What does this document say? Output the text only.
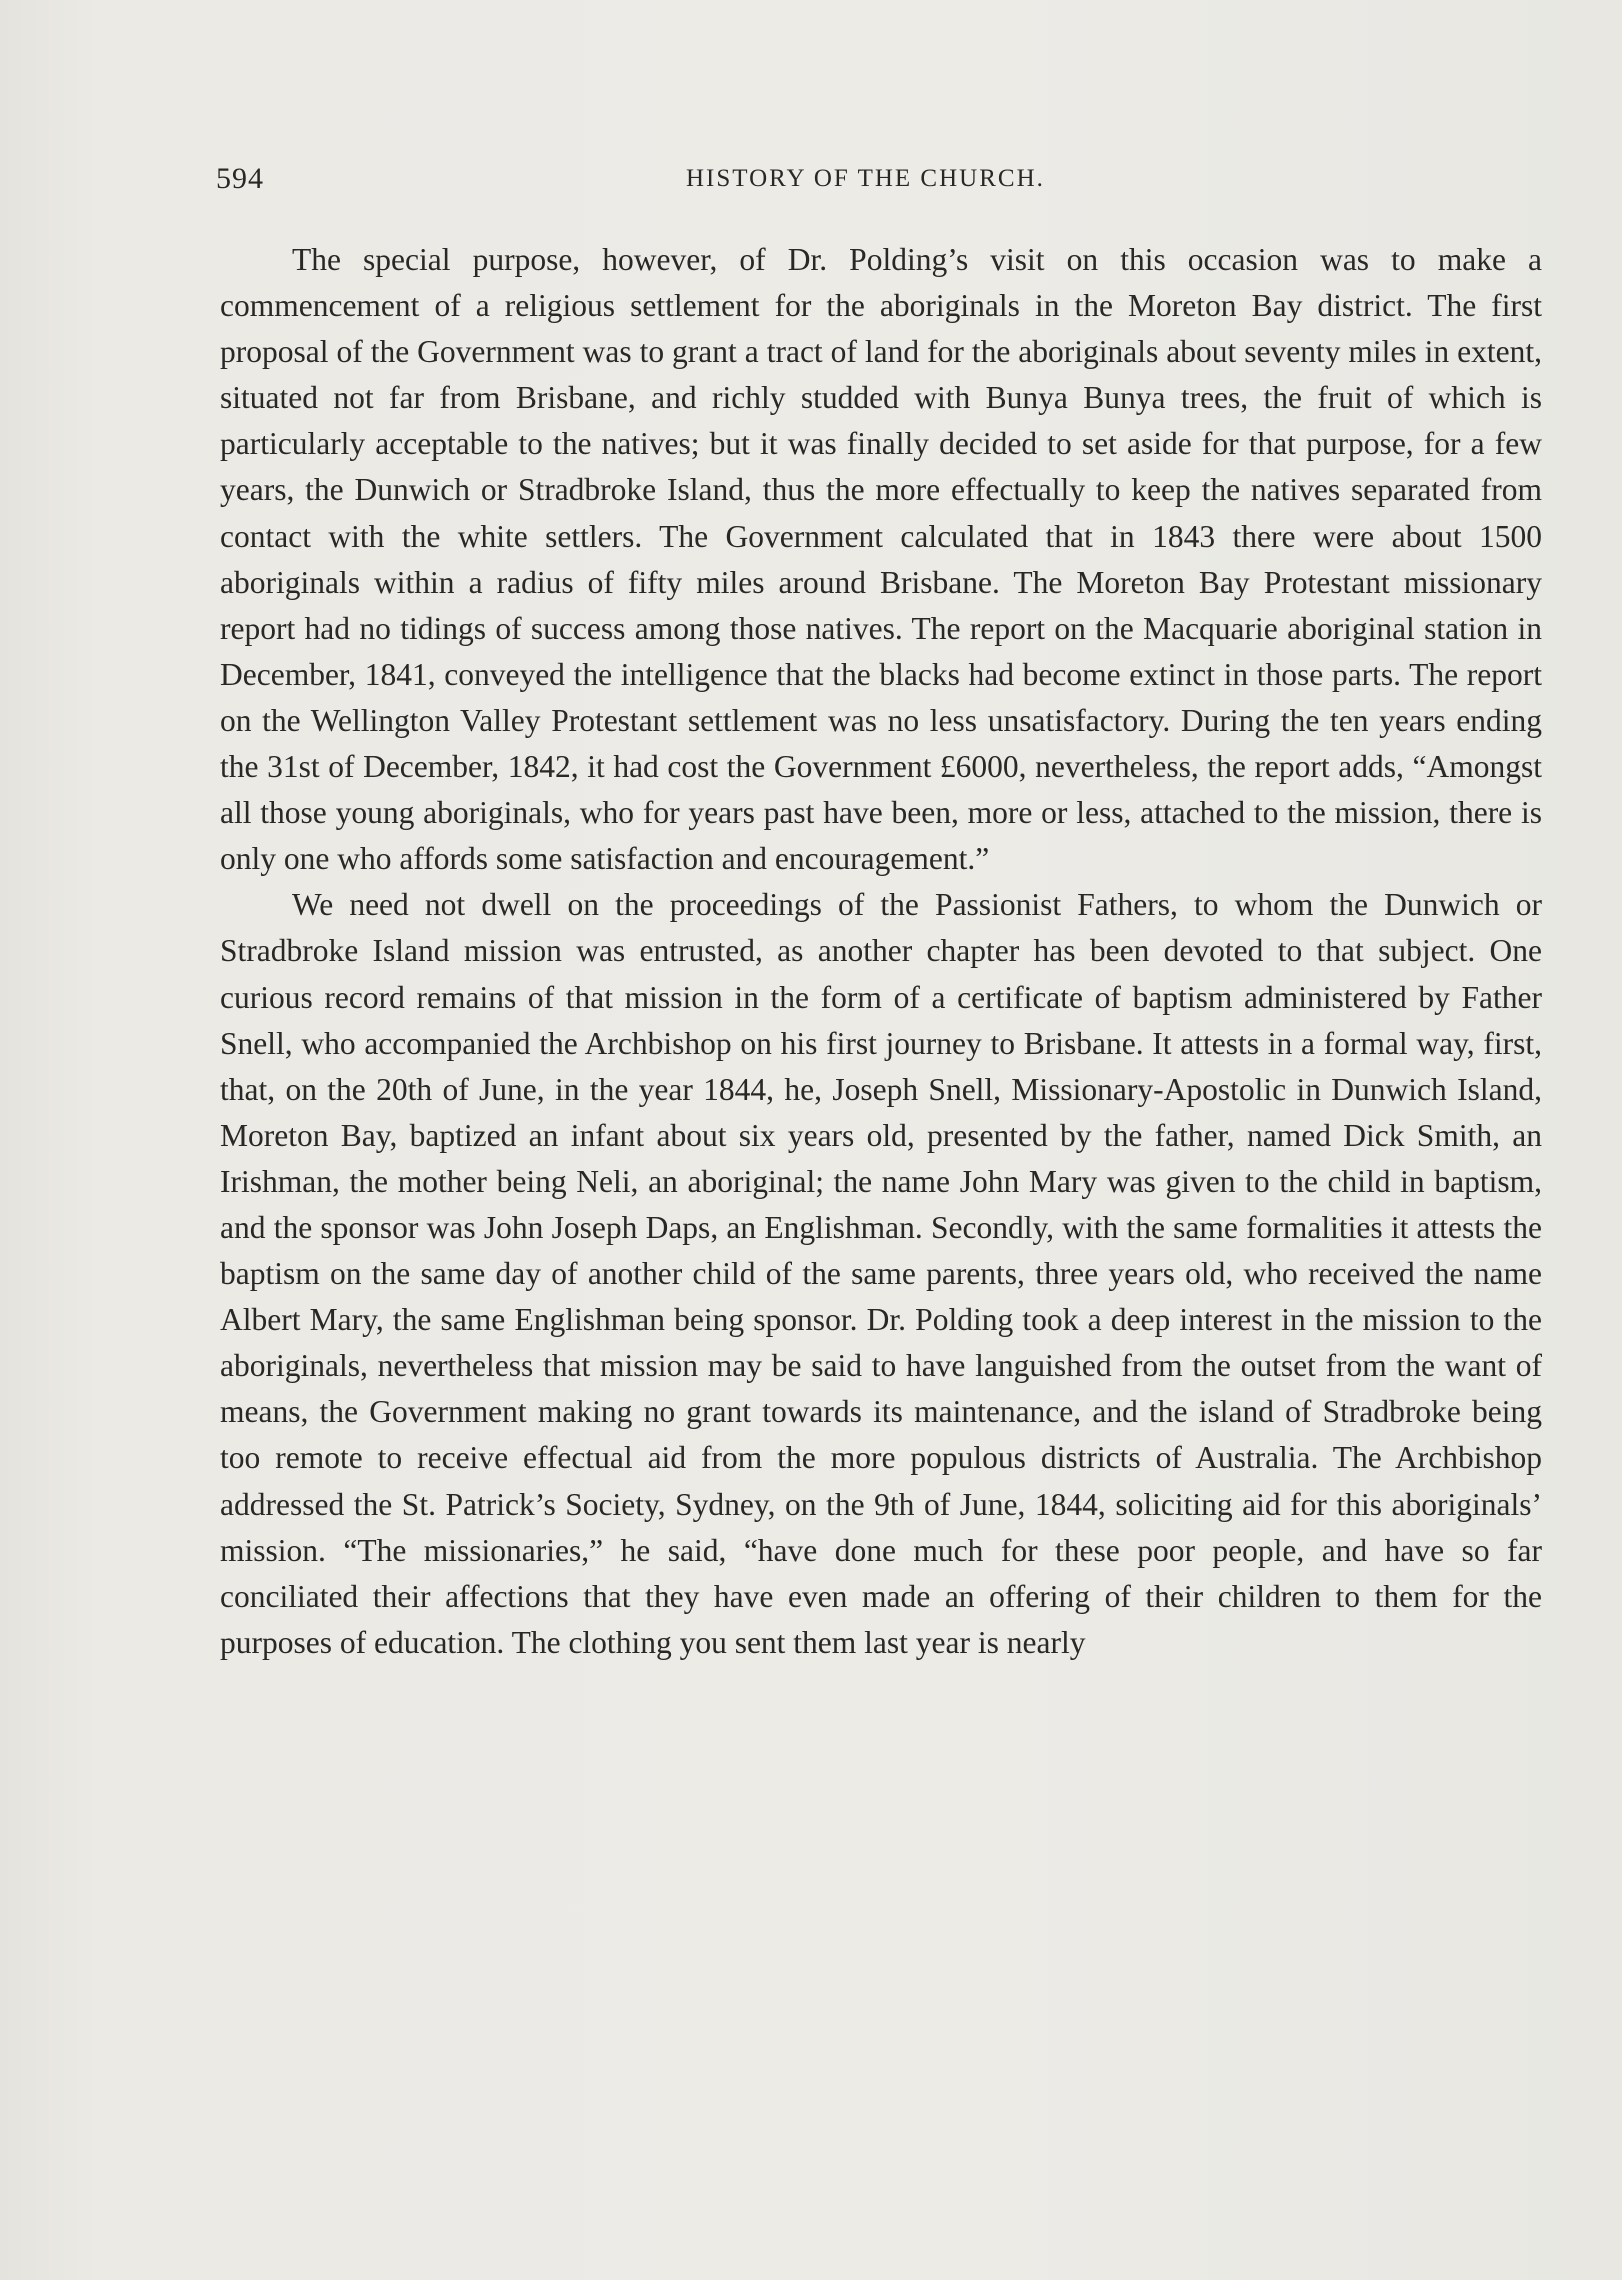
594	HISTORY OF THE CHURCH.

The special purpose, however, of Dr. Polding’s visit on this occasion was to make a commencement of a religious settlement for the aboriginals in the Moreton Bay district. The first proposal of the Government was to grant a tract of land for the aboriginals about seventy miles in extent, situated not far from Brisbane, and richly studded with Bunya Bunya trees, the fruit of which is particularly acceptable to the natives; but it was finally decided to set aside for that purpose, for a few years, the Dunwich or Stradbroke Island, thus the more effectually to keep the natives separated from contact with the white settlers. The Government calculated that in 1843 there were about 1500 aboriginals within a radius of fifty miles around Brisbane. The Moreton Bay Protestant missionary report had no tidings of success among those natives. The report on the Macquarie aboriginal station in December, 1841, conveyed the intelligence that the blacks had become extinct in those parts. The report on the Wellington Valley Protestant settlement was no less unsatisfactory. During the ten years ending the 31st of December, 1842, it had cost the Government £6000, nevertheless, the report adds, “Amongst all those young aboriginals, who for years past have been, more or less, attached to the mission, there is only one who affords some satisfaction and encouragement.”

We need not dwell on the proceedings of the Passionist Fathers, to whom the Dunwich or Stradbroke Island mission was entrusted, as another chapter has been devoted to that subject. One curious record remains of that mission in the form of a certificate of baptism administered by Father Snell, who accompanied the Archbishop on his first journey to Brisbane. It attests in a formal way, first, that, on the 20th of June, in the year 1844, he, Joseph Snell, Missionary-Apostolic in Dunwich Island, Moreton Bay, baptized an infant about six years old, presented by the father, named Dick Smith, an Irishman, the mother being Neli, an aboriginal; the name John Mary was given to the child in baptism, and the sponsor was John Joseph Daps, an Englishman. Secondly, with the same formalities it attests the baptism on the same day of another child of the same parents, three years old, who received the name Albert Mary, the same Englishman being sponsor. Dr. Polding took a deep interest in the mission to the aboriginals, nevertheless that mission may be said to have languished from the outset from the want of means, the Government making no grant towards its maintenance, and the island of Stradbroke being too remote to receive effectual aid from the more populous districts of Australia. The Archbishop addressed the St. Patrick’s Society, Sydney, on the 9th of June, 1844, soliciting aid for this aboriginals’ mission. “The missionaries,” he said, “have done much for these poor people, and have so far conciliated their affections that they have even made an offering of their children to them for the purposes of education. The clothing you sent them last year is nearly
